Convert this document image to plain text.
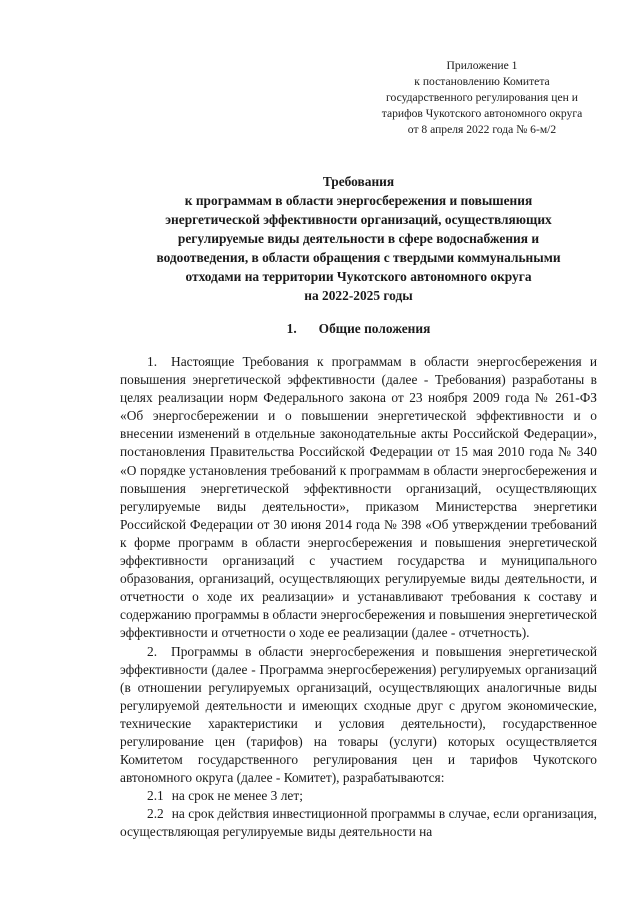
Приложение 1
к постановлению Комитета
государственного регулирования цен и
тарифов Чукотского автономного округа
от 8 апреля 2022 года № 6-м/2
Требования
к программам в области энергосбережения и повышения
энергетической эффективности организаций, осуществляющих
регулируемые виды деятельности в сфере водоснабжения и
водоотведения, в области обращения с твердыми коммунальными
отходами на территории Чукотского автономного округа
на 2022-2025 годы
1. Общие положения

1. Настоящие Требования к программам в области энергосбережения и повышения энергетической эффективности (далее - Требования) разработаны в целях реализации норм Федерального закона от 23 ноября 2009 года № 261-ФЗ «Об энергосбережении и о повышении энергетической эффективности и о внесении изменений в отдельные законодательные акты Российской Федерации», постановления Правительства Российской Федерации от 15 мая 2010 года № 340 «О порядке установления требований к программам в области энергосбережения и повышения энергетической эффективности организаций, осуществляющих регулируемые виды деятельности», приказом Министерства энергетики Российской Федерации от 30 июня 2014 года № 398 «Об утверждении требований к форме программ в области энергосбережения и повышения энергетической эффективности организаций с участием государства и муниципального образования, организаций, осуществляющих регулируемые виды деятельности, и отчетности о ходе их реализации» и устанавливают требования к составу и содержанию программы в области энергосбережения и повышения энергетической эффективности и отчетности о ходе ее реализации (далее - отчетность).

2. Программы в области энергосбережения и повышения энергетической эффективности (далее - Программа энергосбережения) регулируемых организаций (в отношении регулируемых организаций, осуществляющих аналогичные виды регулируемой деятельности и имеющих сходные друг с другом экономические, технические характеристики и условия деятельности), государственное регулирование цен (тарифов) на товары (услуги) которых осуществляется Комитетом государственного регулирования цен и тарифов Чукотского автономного округа (далее - Комитет), разрабатываются:

2.1 на срок не менее 3 лет;

2.2 на срок действия инвестиционной программы в случае, если организация, осуществляющая регулируемые виды деятельности на
